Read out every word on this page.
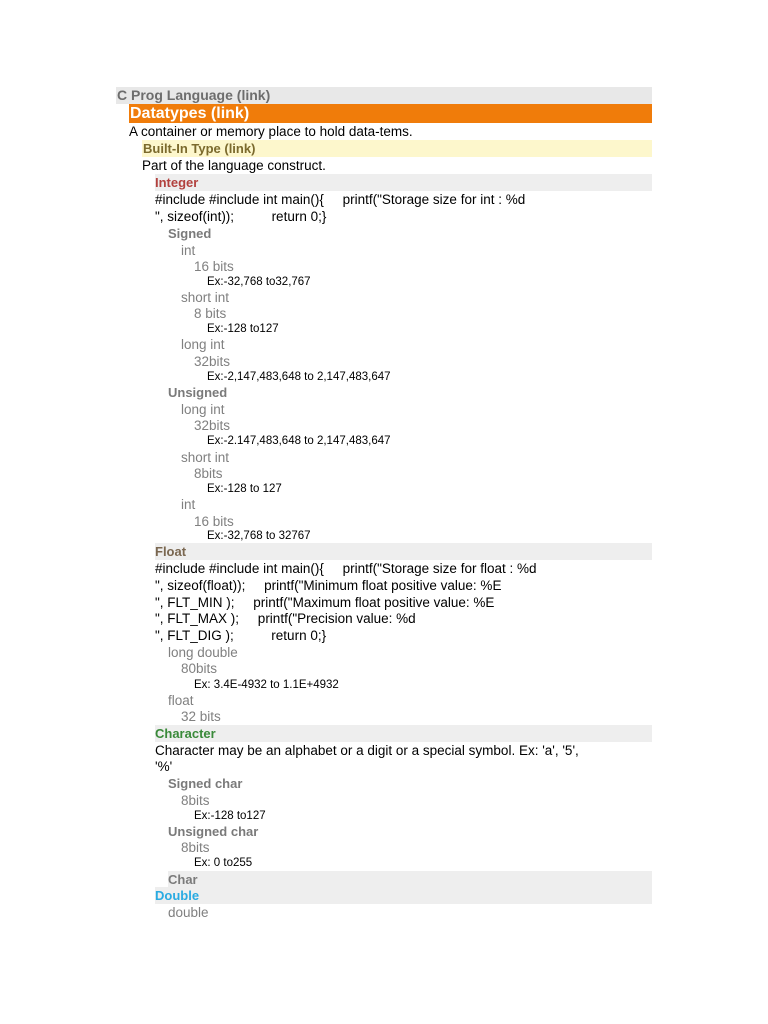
C Prog Language (link)
Datatypes (link)
A container or memory place to hold data-tems.
Built-In Type (link)
Part of the language construct.
Integer
#include #include int main(){     printf("Storage size for int : %d
", sizeof(int));          return 0;}
Signed
int
16 bits
Ex:-32,768 to32,767
short int
8 bits
Ex:-128 to127
long int
32bits
Ex:-2,147,483,648 to 2,147,483,647
Unsigned
long int
32bits
Ex:-2.147,483,648 to 2,147,483,647
short int
8bits
Ex:-128 to 127
int
16 bits
Ex:-32,768 to 32767
Float
#include #include int main(){     printf("Storage size for float : %d
", sizeof(float));     printf("Minimum float positive value: %E
", FLT_MIN );     printf("Maximum float positive value: %E
", FLT_MAX );     printf("Precision value: %d
", FLT_DIG );          return 0;}
long double
80bits
Ex: 3.4E-4932 to 1.1E+4932
float
32 bits
Character
Character may be an alphabet or a digit or a special symbol. Ex: 'a', '5',
'%'
Signed char
8bits
Ex:-128 to127
Unsigned char
8bits
Ex: 0 to255
Char
Double
double
